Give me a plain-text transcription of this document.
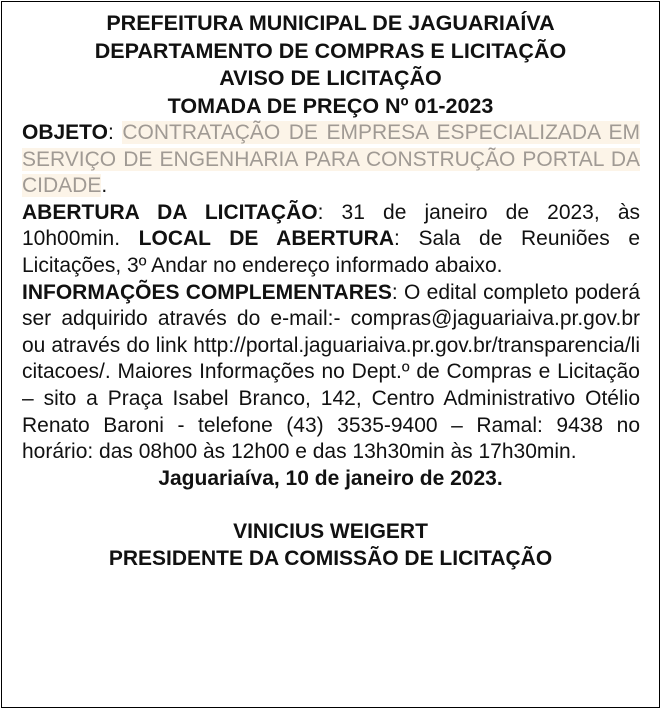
PREFEITURA MUNICIPAL DE JAGUARIAÍVA

DEPARTAMENTO DE COMPRAS E LICITAÇÃO

AVISO DE LICITAÇÃO

TOMADA DE PREÇO Nº 01-2023

OBJETO: CONTRATAÇÃO DE EMPRESA ESPECIALIZADA EM SERVIÇO DE ENGENHARIA PARA CONSTRUÇÃO PORTAL DA CIDADE.

ABERTURA DA LICITAÇÃO: 31 de janeiro de 2023, às 10h00min. LOCAL DE ABERTURA: Sala de Reuniões e Licitações, 3º Andar no endereço informado abaixo.

INFORMAÇÕES COMPLEMENTARES: O edital completo poderá ser adquirido através do e-mail:- compras@jaguariaiva.pr.gov.br ou através do link http://portal.jaguariaiva.pr.gov.br/transparencia/licitacoes/. Maiores Informações no Dept.º de Compras e Licitação – sito a Praça Isabel Branco, 142, Centro Administrativo Otélio Renato Baroni - telefone (43) 3535-9400 – Ramal: 9438 no horário: das 08h00 às 12h00 e das 13h30min às 17h30min.

Jaguariaíva, 10 de janeiro de 2023.

VINICIUS WEIGERT

PRESIDENTE DA COMISSÃO DE LICITAÇÃO
